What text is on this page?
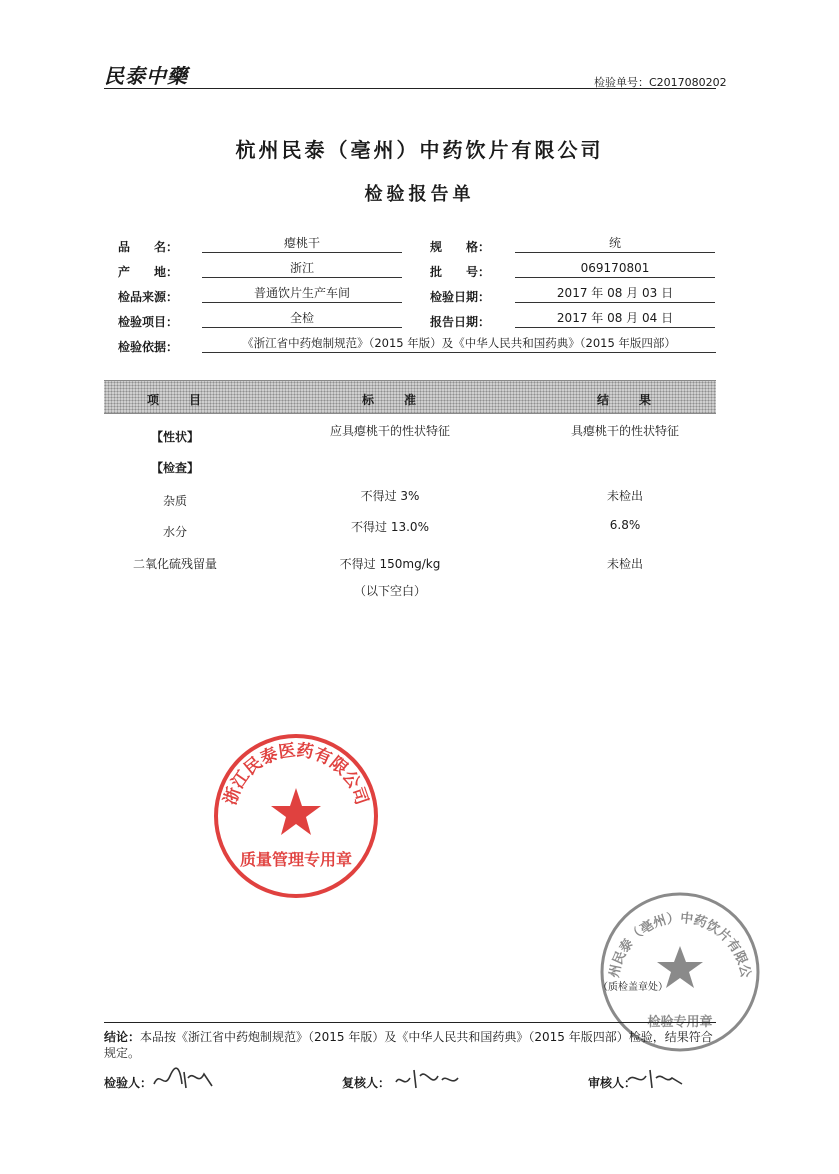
民泰中藥	检验单号：C2017080202
杭州民泰（亳州）中药饮片有限公司
检验报告单
品　　名：	瘪桃干	规　　格：	统
产　　地：	浙江	批　　号：	069170801
检品来源：	普通饮片生产车间	检验日期：	2017 年 08 月 03 日
检验项目：	全检	报告日期：	2017 年 08 月 04 日
检验依据：	《浙江省中药炮制规范》（2015 年版）及《中华人民共和国药典》（2015 年版四部）
项　　目	标　　准	结　　果
【性状】	应具瘪桃干的性状特征	具瘪桃干的性状特征
【检查】
杂质	不得过 3%	未检出
水分	不得过 13.0%	6.8%
二氧化硫残留量	不得过 150mg/kg	未检出
（以下空白）
浙江民泰医药有限公司
质量管理专用章
州民泰（亳州）中药饮片有限公
检验专用章
（质检盖章处）
结论：本品按《浙江省中药炮制规范》（2015 年版）及《中华人民共和国药典》（2015 年版四部）检验，结果符合规定。
检验人：	复核人：	审核人：
